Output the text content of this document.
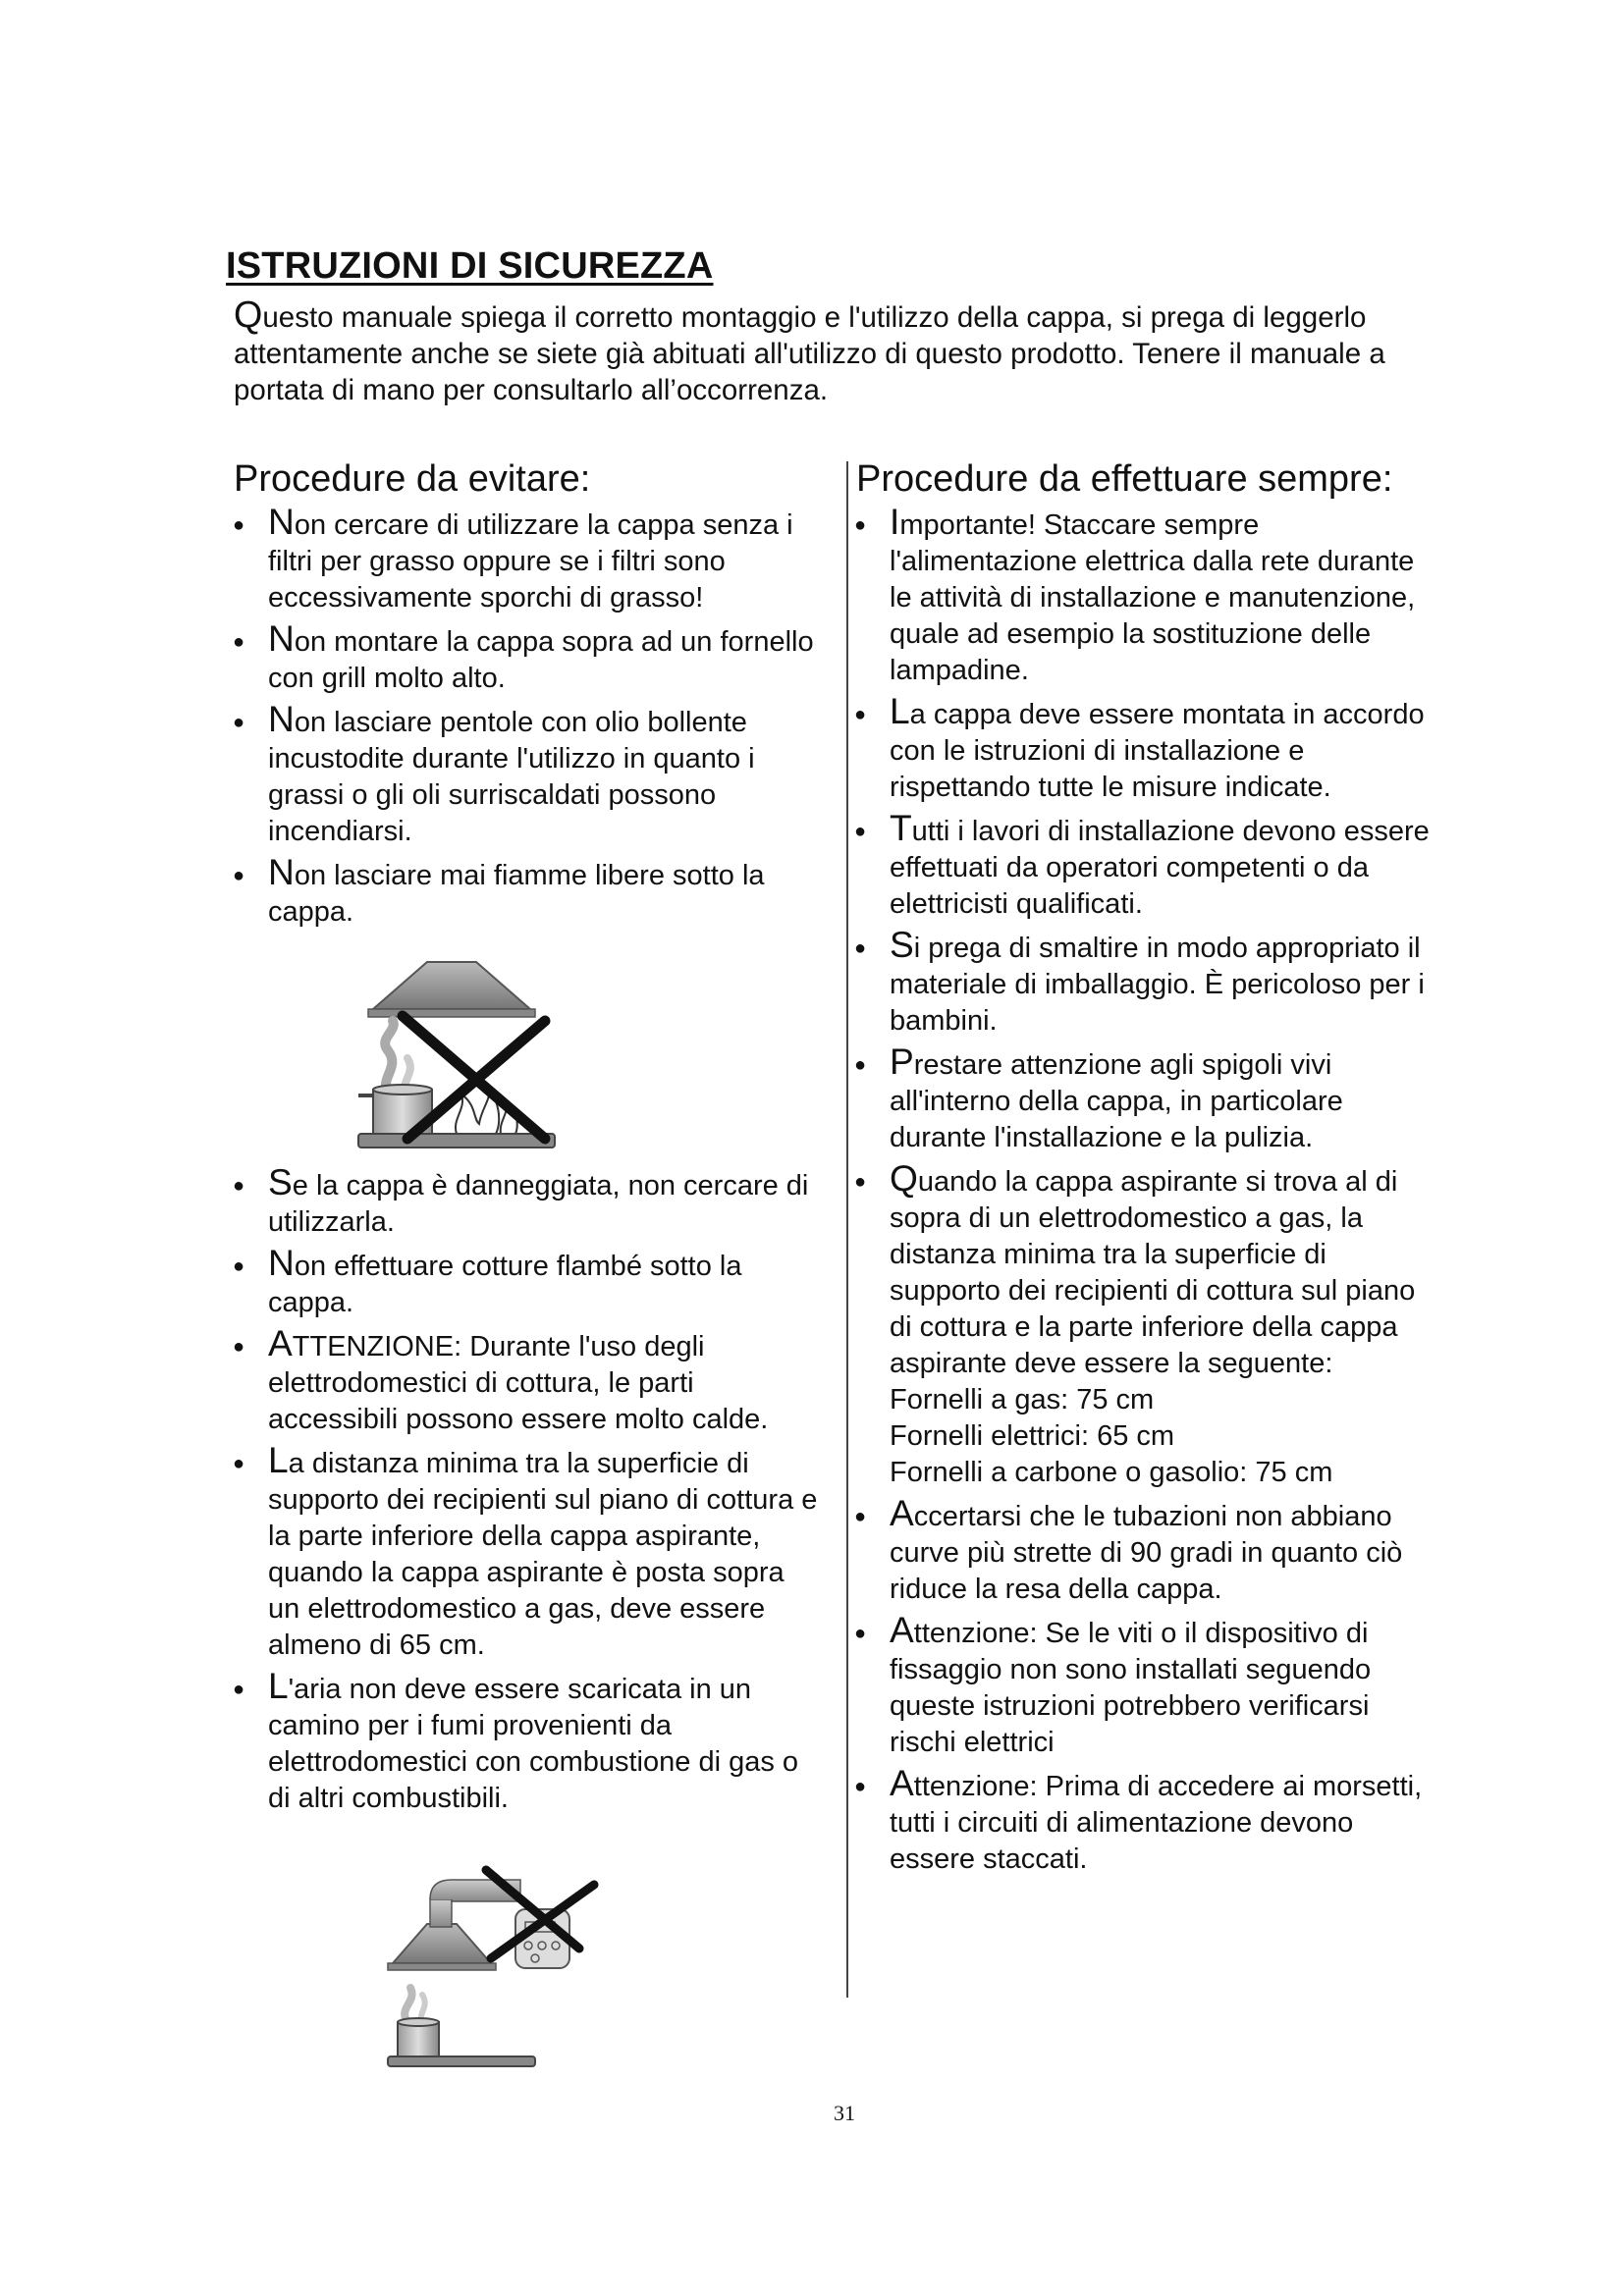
ISTRUZIONI DI SICUREZZA

Questo manuale spiega il corretto montaggio e l'utilizzo della cappa, si prega di leggerlo attentamente anche se siete già abituati all'utilizzo di questo prodotto. Tenere il manuale a portata di mano per consultarlo all’occorrenza.

Procedure da evitare:	Procedure da effettuare sempre:
● Non cercare di utilizzare la cappa senza i filtri per grasso oppure se i filtri sono eccessivamente sporchi di grasso!
● Non montare la cappa sopra ad un fornello con grill molto alto.
● Non lasciare pentole con olio bollente incustodite durante l'utilizzo in quanto i grassi o gli oli surriscaldati possono incendiarsi.
● Non lasciare mai fiamme libere sotto la cappa.
● Se la cappa è danneggiata, non cercare di utilizzarla.
● Non effettuare cotture flambé sotto la cappa.
● ATTENZIONE: Durante l'uso degli elettrodomestici di cottura, le parti accessibili possono essere molto calde.
● La distanza minima tra la superficie di supporto dei recipienti sul piano di cottura e la parte inferiore della cappa aspirante, quando la cappa aspirante è posta sopra un elettrodomestico a gas, deve essere almeno di 65 cm.
● L'aria non deve essere scaricata in un camino per i fumi provenienti da elettrodomestici con combustione di gas o di altri combustibili.
● Importante! Staccare sempre l'alimentazione elettrica dalla rete durante le attività di installazione e manutenzione, quale ad esempio la sostituzione delle lampadine.
● La cappa deve essere montata in accordo con le istruzioni di installazione e rispettando tutte le misure indicate.
● Tutti i lavori di installazione devono essere effettuati da operatori competenti o da elettricisti qualificati.
● Si prega di smaltire in modo appropriato il materiale di imballaggio. È pericoloso per i bambini.
● Prestare attenzione agli spigoli vivi all'interno della cappa, in particolare durante l'installazione e la pulizia.
● Quando la cappa aspirante si trova al di sopra di un elettrodomestico a gas, la distanza minima tra la superficie di supporto dei recipienti di cottura sul piano di cottura e la parte inferiore della cappa aspirante deve essere la seguente:
Fornelli a gas: 75 cm
Fornelli elettrici: 65 cm
Fornelli a carbone o gasolio: 75 cm
● Accertarsi che le tubazioni non abbiano curve più strette di 90 gradi in quanto ciò riduce la resa della cappa.
● Attenzione: Se le viti o il dispositivo di fissaggio non sono installati seguendo queste istruzioni potrebbero verificarsi rischi elettrici
● Attenzione: Prima di accedere ai morsetti, tutti i circuiti di alimentazione devono essere staccati.
31
